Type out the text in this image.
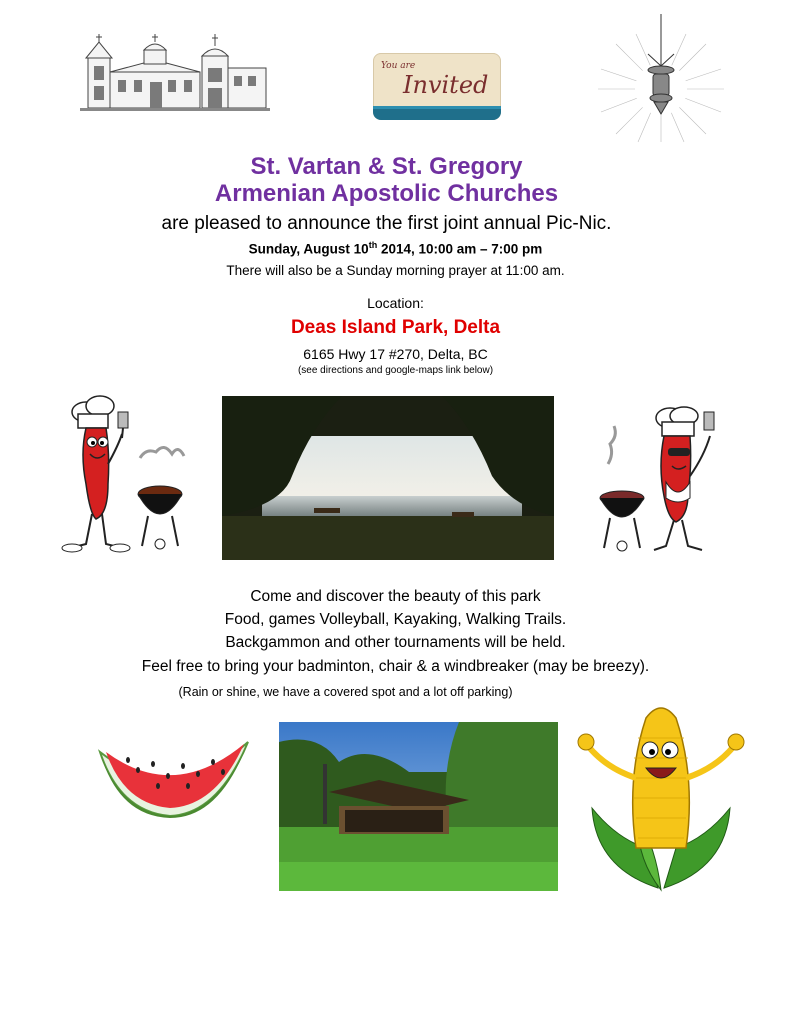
You are
Invited
St. Vartan & St. Gregory
Armenian Apostolic Churches
are pleased to announce the first joint annual Pic-Nic.
Sunday, August 10th 2014, 10:00 am – 7:00 pm
There will also be a Sunday morning prayer at 11:00 am.
Location:
Deas Island Park, Delta
6165 Hwy 17 #270, Delta, BC
(see directions and google-maps link below)
Come and discover the beauty of this park
Food, games Volleyball, Kayaking, Walking Trails.
Backgammon and other tournaments will be held.
Feel free to bring your badminton, chair & a windbreaker (may be breezy).
(Rain or shine, we have a covered spot and a lot off parking)
